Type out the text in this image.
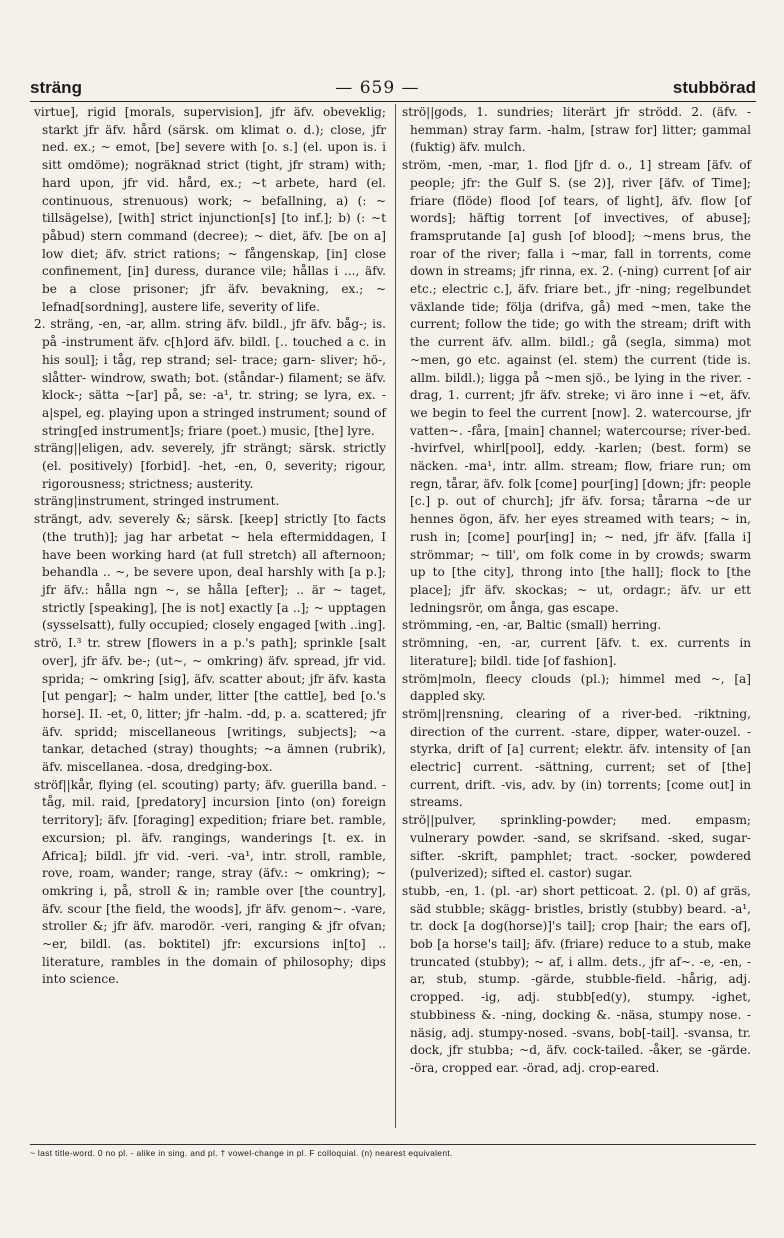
sträng	— 659 —	stubbörad

virtue], rigid [morals, supervision], jfr äfv. obeveklig; starkt jfr äfv. hård (särsk. om klimat o. d.); close, jfr ned. ex.; ~ emot, [be] severe with [o. s.] (el. upon is. i sitt omdöme); nogräknad strict (tight, jfr stram) with; hard upon, jfr vid. hård, ex.; ~t arbete, hard (el. continuous, strenuous) work; ~ befallning, a) (: ~ tillsägelse), [with] strict injunction[s] [to inf.]; b) (: ~t påbud) stern command (decree); ~ diet, äfv. [be on a] low diet; äfv. strict rations; ~ fångenskap, [in] close confinement, [in] duress, durance vile; hållas i ..., äfv. be a close prisoner; jfr äfv. bevakning, ex.; ~ lefnad[sordning], austere life, severity of life.

2. sträng, -en, -ar, allm. string äfv. bildl., jfr äfv. båg-; is. på -instrument äfv. c[h]ord äfv. bildl. [.. touched a c. in his soul]; i tåg, rep strand; sel- trace; garn- sliver; hö-, slåtter- windrow, swath; bot. (ståndar-) filament; se äfv. klock-; sätta ~[ar] på, se: -a¹, tr. string; se lyra, ex. -a|spel, eg. playing upon a stringed instrument; sound of string[ed instrument]s; friare (poet.) music, [the] lyre.

sträng||eligen, adv. severely, jfr strängt; särsk. strictly (el. positively) [forbid]. -het, -en, 0, severity; rigour, rigorousness; strictness; austerity.

sträng|instrument, stringed instrument.

strängt, adv. severely &; särsk. [keep] strictly [to facts (the truth)]; jag har arbetat ~ hela eftermiddagen, I have been working hard (at full stretch) all afternoon; behandla .. ~, be severe upon, deal harshly with [a p.]; jfr äfv.: hålla ngn ~, se hålla [efter]; .. är ~ taget, strictly [speaking], [he is not] exactly [a ..]; ~ upptagen (sysselsatt), fully occupied; closely engaged [with ..ing].

strö, I.³ tr. strew [flowers in a p.'s path]; sprinkle [salt over], jfr äfv. be-; (ut~, ~ omkring) äfv. spread, jfr vid. sprida; ~ omkring [sig], äfv. scatter about; jfr äfv. kasta [ut pengar]; ~ halm under, litter [the cattle], bed [o.'s horse]. II. -et, 0, litter; jfr -halm. -dd, p. a. scattered; jfr äfv. spridd; miscellaneous [writings, subjects]; ~a tankar, detached (stray) thoughts; ~a ämnen (rubrik), äfv. miscellanea. -dosa, dredging-box.

ströf||kår, flying (el. scouting) party; äfv. guerilla band. -tåg, mil. raid, [predatory] incursion [into (on) foreign territory]; äfv. [foraging] expedition; friare bet. ramble, excursion; pl. äfv. rangings, wanderings [t. ex. in Africa]; bildl. jfr vid. -veri. -va¹, intr. stroll, ramble, rove, roam, wander; range, stray (äfv.: ~ omkring); ~ omkring i, på, stroll & in; ramble over [the country], äfv. scour [the field, the woods], jfr äfv. genom~. -vare, stroller &; jfr äfv. marodör. -veri, ranging & jfr ofvan; ~er, bildl. (as. boktitel) jfr: excursions in[to] .. literature, rambles in the domain of philosophy; dips into science.

strö||gods, 1. sundries; literärt jfr strödd. 2. (äfv. -hemman) stray farm. -halm, [straw for] litter; gammal (fuktig) äfv. mulch.

ström, -men, -mar, 1. flod [jfr d. o., 1] stream [äfv. of people; jfr: the Gulf S. (se 2)], river [äfv. of Time]; friare (flöde) flood [of tears, of light], äfv. flow [of words]; häftig torrent [of invectives, of abuse]; framsprutande [a] gush [of blood]; ~mens brus, the roar of the river; falla i ~mar, fall in torrents, come down in streams; jfr rinna, ex. 2. (-ning) current [of air etc.; electric c.], äfv. friare bet., jfr -ning; regelbundet växlande tide; följa (drifva, gå) med ~men, take the current; follow the tide; go with the stream; drift with the current äfv. allm. bildl.; gå (segla, simma) mot ~men, go etc. against (el. stem) the current (tide is. allm. bildl.); ligga på ~men sjö., be lying in the river. -drag, 1. current; jfr äfv. streke; vi äro inne i ~et, äfv. we begin to feel the current [now]. 2. watercourse, jfr vatten~. -fåra, [main] channel; watercourse; river-bed. -hvirfvel, whirl[pool], eddy. -karlen; (best. form) se näcken. -ma¹, intr. allm. stream; flow, friare run; om regn, tårar, äfv. folk [come] pour[ing] [down; jfr: people [c.] p. out of church]; jfr äfv. forsa; tårarna ~de ur hennes ögon, äfv. her eyes streamed with tears; ~ in, rush in; [come] pour[ing] in; ~ ned, jfr äfv. [falla i] strömmar; ~ till', om folk come in by crowds; swarm up to [the city], throng into [the hall]; flock to [the place]; jfr äfv. skockas; ~ ut, ordagr.; äfv. ur ett ledningsrör, om ånga, gas escape.

strömming, -en, -ar, Baltic (small) herring.

strömning, -en, -ar, current [äfv. t. ex. currents in literature]; bildl. tide [of fashion].

ström|moln, fleecy clouds (pl.); himmel med ~, [a] dappled sky.

ström||rensning, clearing of a river-bed. -riktning, direction of the current. -stare, dipper, water-ouzel. -styrka, drift of [a] current; elektr. äfv. intensity of [an electric] current. -sättning, current; set of [the] current, drift. -vis, adv. by (in) torrents; [come out] in streams.

strö||pulver, sprinkling-powder; med. empasm; vulnerary powder. -sand, se skrifsand. -sked, sugar-sifter. -skrift, pamphlet; tract. -socker, powdered (pulverized); sifted el. castor) sugar.

stubb, -en, 1. (pl. -ar) short petticoat. 2. (pl. 0) af gräs, säd stubble; skägg- bristles, bristly (stubby) beard. -a¹, tr. dock [a dog(horse)]'s tail]; crop [hair; the ears of], bob [a horse's tail]; äfv. (friare) reduce to a stub, make truncated (stubby); ~ af, i allm. dets., jfr af~. -e, -en, -ar, stub, stump. -gärde, stubble-field. -hårig, adj. cropped. -ig, adj. stubb[ed(y), stumpy. -ighet, stubbiness &. -ning, docking &. -näsa, stumpy nose. -näsig, adj. stumpy-nosed. -svans, bob[-tail]. -svansa, tr. dock, jfr stubba; ~d, äfv. cock-tailed. -åker, se -gärde. -öra, cropped ear. -örad, adj. crop-eared.

~ last title-word. 0 no pl. - alike in sing. and pl. † vowel-change in pl. F colloquial. (n) nearest equivalent.
